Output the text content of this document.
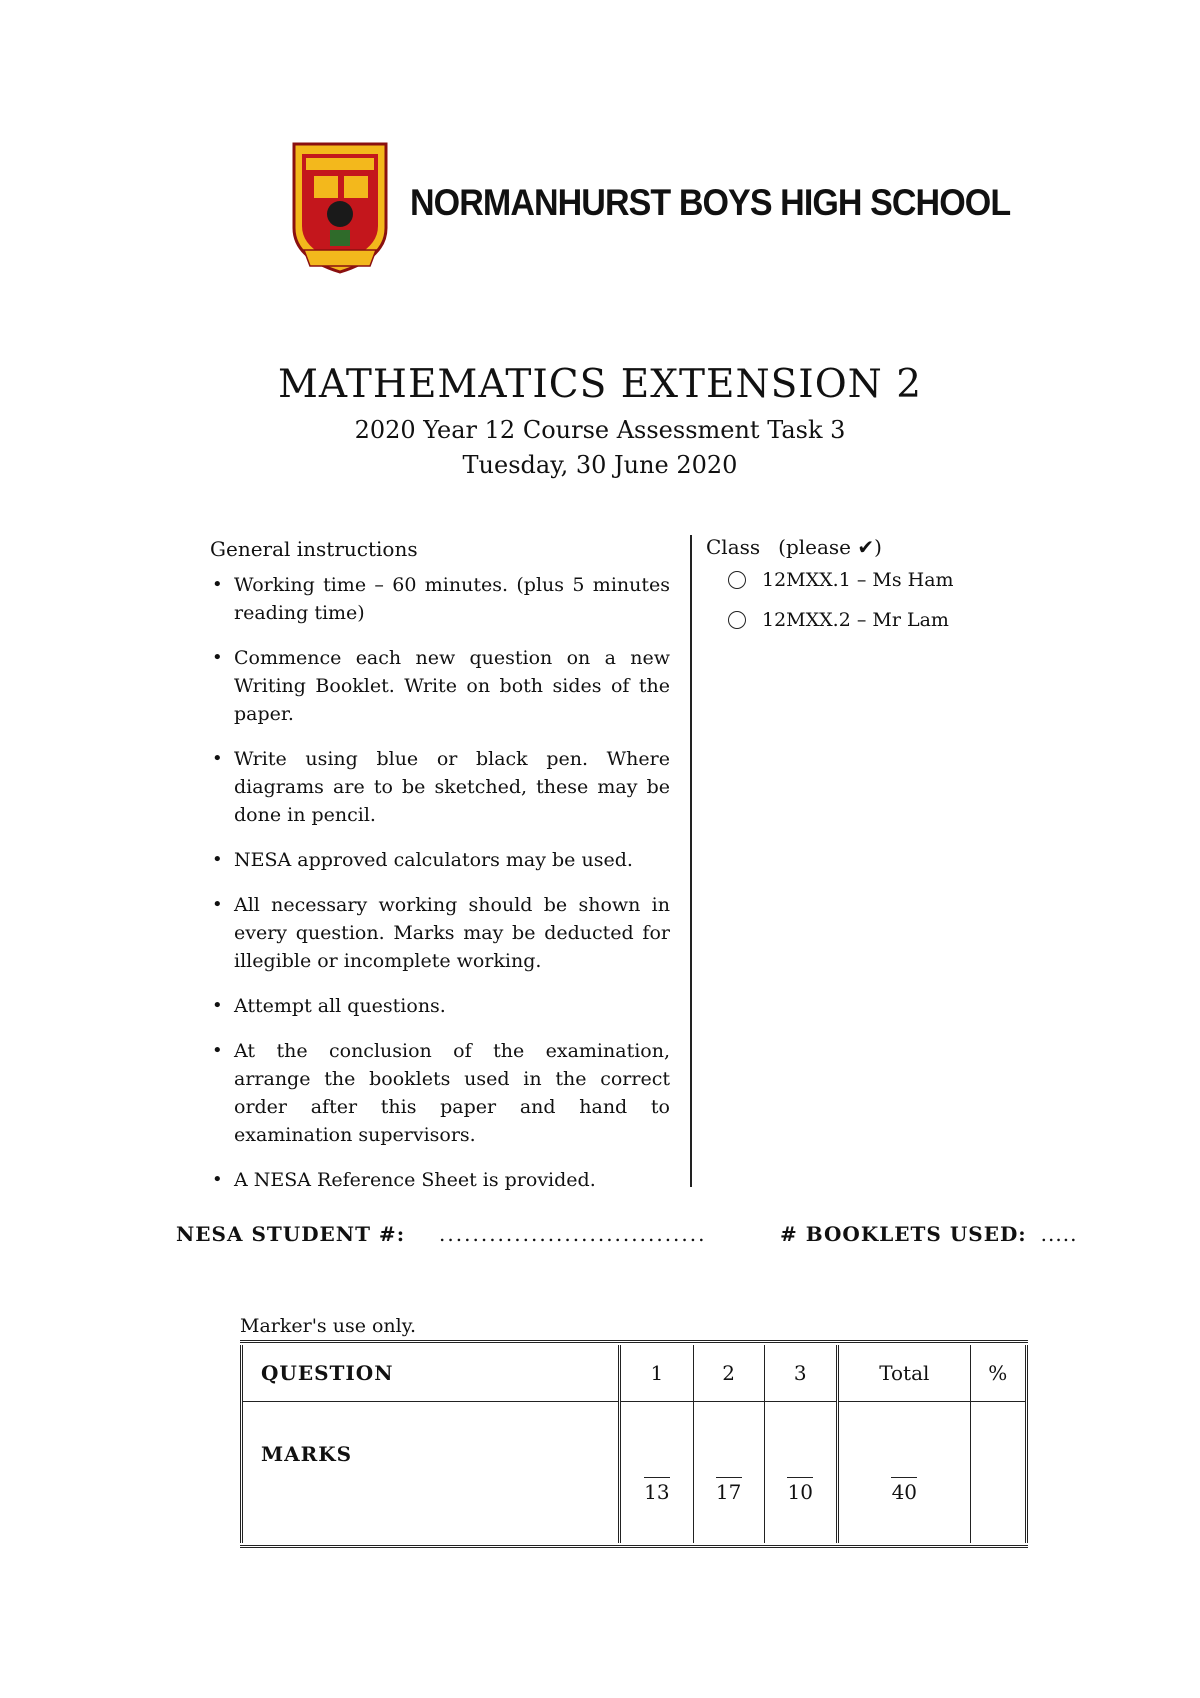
NORMANHURST BOYS HIGH SCHOOL
MATHEMATICS EXTENSION 2
2020 Year 12 Course Assessment Task 3
Tuesday, 30 June 2020
General instructions
• Working time – 60 minutes. (plus 5 minutes reading time)
• Commence each new question on a new Writing Booklet. Write on both sides of the paper.
• Write using blue or black pen. Where diagrams are to be sketched, these may be done in pencil.
• NESA approved calculators may be used.
• All necessary working should be shown in every question. Marks may be deducted for illegible or incomplete working.
• Attempt all questions.
• At the conclusion of the examination, arrange the booklets used in the correct order after this paper and hand to examination supervisors.
• A NESA Reference Sheet is provided.
Class (please ✔)
12MXX.1 – Ms Ham
12MXX.2 – Mr Lam
NESA STUDENT #: ................................	# BOOKLETS USED: .....
Marker's use only.
QUESTION	1	2	3	Total	%
MARKS	13	17	10	40	
